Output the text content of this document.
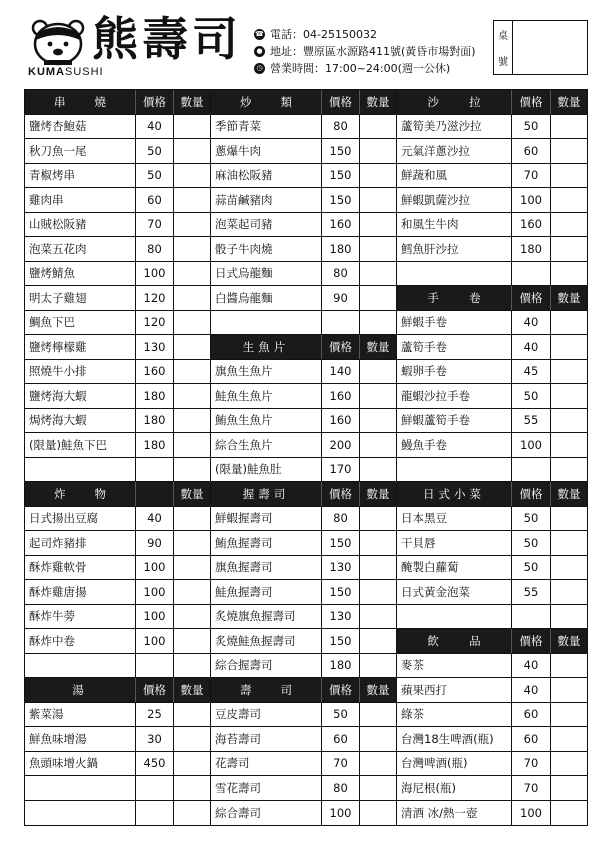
熊壽司
KUMASUSHI
☎ 電話：04-25150032
● 地址：豐原區水源路411號(黃昏市場對面)
◷ 營業時間：17:00~24:00(週一公休)
桌
號
串	燒	價格	數量
鹽烤杏鮑菇	40
秋刀魚一尾	50
青椒烤串	50
雞肉串	60
山賊松阪豬	70
泡菜五花肉	80
鹽烤鯖魚	100
明太子雞翅	120
鯛魚下巴	120
鹽烤檸檬雞	130
照燒牛小排	160
鹽烤海大蝦	180
焗烤海大蝦	180
(限量)鮭魚下巴	180
炸	物	數量
日式揚出豆腐	40
起司炸豬排	90
酥炸雞軟骨	100
酥炸雞唐揚	100
酥炸牛蒡	100
酥炸中卷	100
湯	價格	數量
紫菜湯	25
鮮魚味增湯	30
魚頭味增火鍋	450
炒	類	價格	數量
季節青菜	80
蔥爆牛肉	150
麻油松阪豬	150
蒜苗鹹豬肉	150
泡菜起司豬	160
骰子牛肉燒	180
日式烏龍麵	80
白醬烏龍麵	90
生魚片	價格	數量
旗魚生魚片	140
鮭魚生魚片	160
鮪魚生魚片	160
綜合生魚片	200
(限量)鮭魚肚	170
握壽司	價格	數量
鮮蝦握壽司	80
鮪魚握壽司	150
旗魚握壽司	130
鮭魚握壽司	150
炙燒旗魚握壽司	130
炙燒鮭魚握壽司	150
綜合握壽司	180
壽	司	價格	數量
豆皮壽司	50
海苔壽司	60
花壽司	70
雪花壽司	80
綜合壽司	100
沙	拉	價格	數量
蘆筍美乃滋沙拉	50
元氣洋蔥沙拉	60
鮮蔬和風	70
鮮蝦凱薩沙拉	100
和風生牛肉	160
鱈魚肝沙拉	180
手	卷	價格	數量
鮮蝦手卷	40
蘆筍手卷	40
蝦卵手卷	45
龍蝦沙拉手卷	50
鮮蝦蘆筍手卷	55
鰻魚手卷	100
日式小菜	價格	數量
日本黑豆	50
干貝唇	50
醃製白蘿蔔	50
日式黃金泡菜	55
飲	品	價格	數量
麥茶	40
蘋果西打	40
綠茶	60
台灣18生啤酒(瓶)	60
台灣啤酒(瓶)	70
海尼根(瓶)	70
清酒 冰/熱一壺	100
